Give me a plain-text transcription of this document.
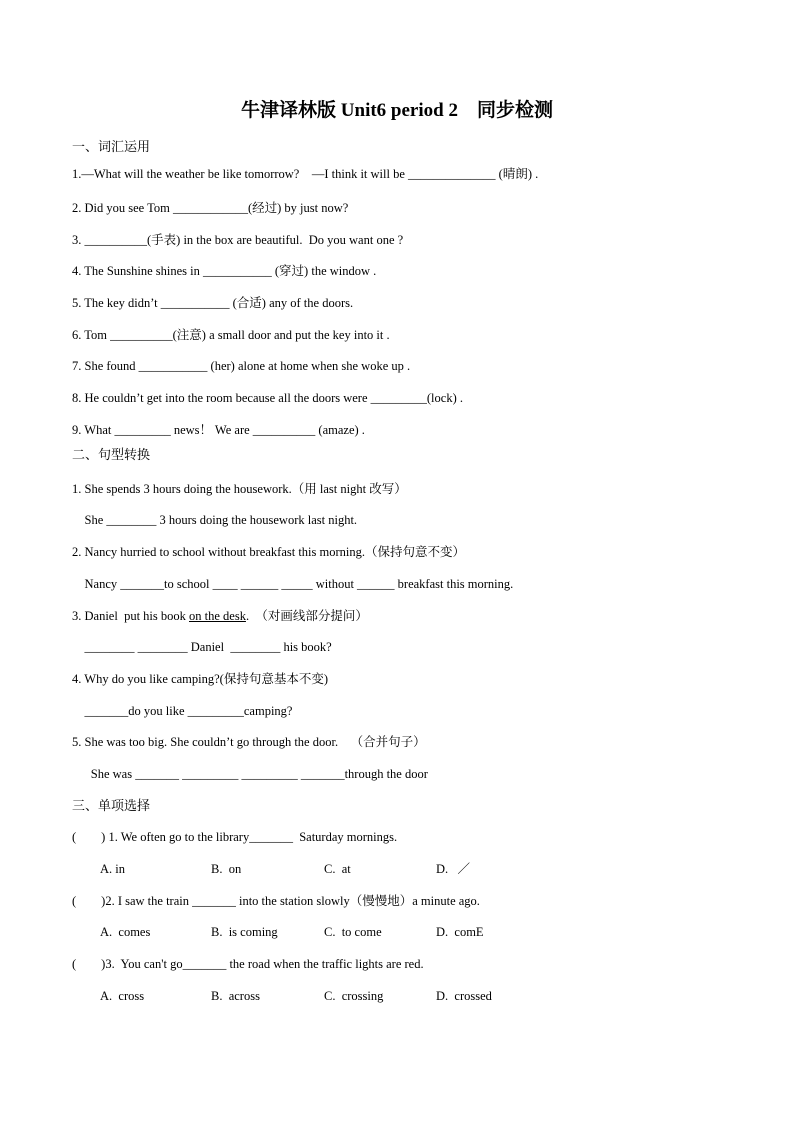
牛津译林版 Unit6 period 2　同步检测
一、词汇运用
1.—What will the weather be like tomorrow?    —I think it will be ______________ (晴朗) .
2. Did you see Tom ____________(经过) by just now?
3. __________(手表) in the box are beautiful.  Do you want one ?
4. The Sunshine shines in ___________ (穿过) the window .
5. The key didn’t ___________ (合适) any of the doors.
6. Tom __________(注意) a small door and put the key into it .
7. She found ___________ (her) alone at home when she woke up .
8. He couldn’t get into the room because all the doors were _________(lock) .
9. What _________ news！ We are __________ (amaze) .
二、句型转换
1. She spends 3 hours doing the housework.（用 last night 改写）
She ________ 3 hours doing the housework last night.
2. Nancy hurried to school without breakfast this morning.（保持句意不变）
Nancy _______to school ____ ______ _____ without ______ breakfast this morning.
3. Daniel  put his book on the desk.  （对画线部分提问）
________ ________ Daniel  ________ his book?
4. Why do you like camping?(保持句意基本不变)
_______do you like _________camping?
5. She was too big. She couldn’t go through the door.    （合并句子）
She was _______ _________ _________ _______through the door
三、单项选择
(        ) 1. We often go to the library_______  Saturday mornings.
A. in	B.  on	C.  at	D.   ／
(        )2. I saw the train _______ into the station slowly（慢慢地）a minute ago.
A.  comes	B.  is coming	C.  to come	D.  comE
(        )3.  You can't go_______ the road when the traffic lights are red.
A.  cross	B.  across	C.  crossing	D.  crossed
